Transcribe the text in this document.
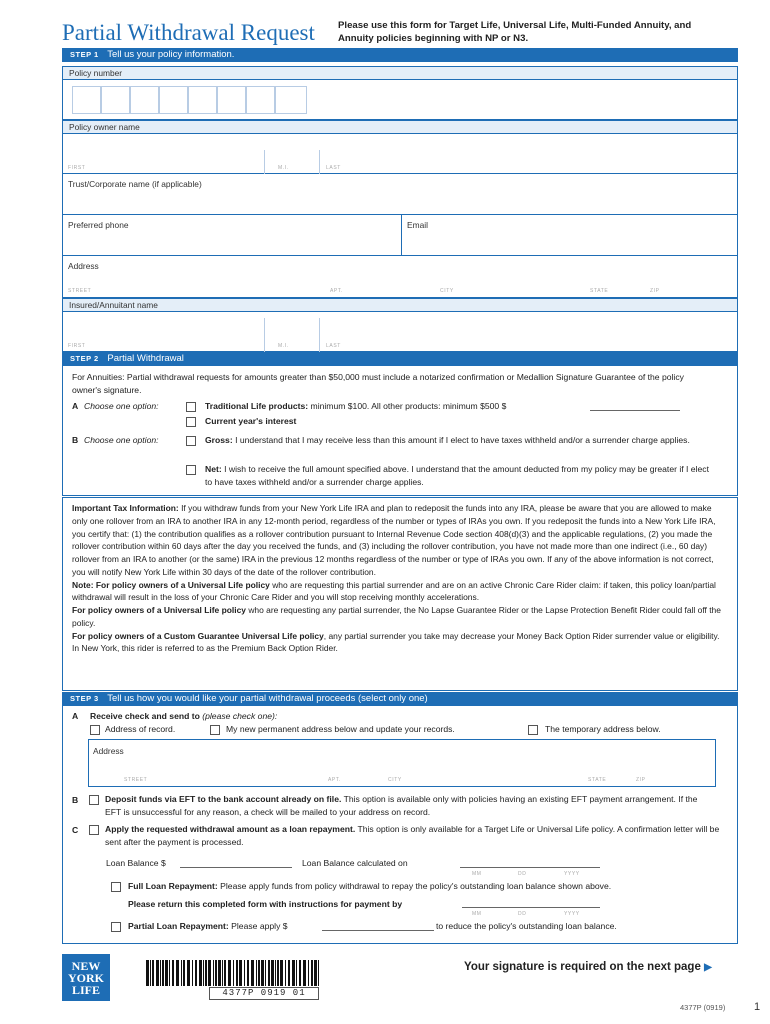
Partial Withdrawal Request Please use this form for Target Life, Universal Life, Multi-Funded Annuity, and Annuity policies beginning with NP or N3.
STEP 1 Tell us your policy information.
Policy number
Policy owner name
FIRST	M.I.	LAST
Trust/Corporate name (if applicable)
Preferred phone	Email
Address
STREET	APT.	CITY	STATE	ZIP
Insured/Annuitant name
FIRST	M.I.	LAST
STEP 2 Partial Withdrawal
For Annuities: Partial withdrawal requests for amounts greater than $50,000 must include a notarized confirmation or Medallion Signature Guarantee of the policy owner's signature.
A Choose one option:	Traditional Life products: minimum $100. All other products: minimum $500 $
Current year's interest
B Choose one option:	Gross: I understand that I may receive less than this amount if I elect to have taxes withheld and/or a surrender charge applies.
Net: I wish to receive the full amount specified above. I understand that the amount deducted from my policy may be greater if I elect to have taxes withheld and/or a surrender charge applies.
Important Tax Information: If you withdraw funds from your New York Life IRA and plan to redeposit the funds into any IRA, please be aware that you are allowed to make only one rollover from an IRA to another IRA in any 12-month period, regardless of the number or types of IRAs you own. If you redeposit the funds into a New York Life IRA, you certify that: (1) the contribution qualifies as a rollover contribution pursuant to Internal Revenue Code section 408(d)(3) and the applicable regulations, (2) you made the rollover contribution within 60 days after the day you received the funds, and (3) including the rollover contribution, you have not made more than one indirect (i.e., 60 day) rollover from an IRA to another (or the same) IRA in the previous 12 months regardless of the number or type of IRAs you own. If any of the above information is not correct, you will notify New York Life within 30 days of the date of the rollover contribution.
Note: For policy owners of a Universal Life policy who are requesting this partial surrender and are on an active Chronic Care Rider claim: if taken, this policy loan/partial withdrawal will result in the loss of your Chronic Care Rider and you will stop receiving monthly accelerations.
For policy owners of a Universal Life policy who are requesting any partial surrender, the No Lapse Guarantee Rider or the Lapse Protection Benefit Rider could fall off the policy.
For policy owners of a Custom Guarantee Universal Life policy, any partial surrender you take may decrease your Money Back Option Rider surrender value or eligibility. In New York, this rider is referred to as the Premium Back Option Rider.
STEP 3 Tell us how you would like your partial withdrawal proceeds (select only one)
A Receive check and send to (please check one):
Address of record.	My new permanent address below and update your records.	The temporary address below.
Address
STREET	APT.	CITY	STATE	ZIP
B	Deposit funds via EFT to the bank account already on file. This option is available only with policies having an existing EFT payment arrangement. If the EFT is unsuccessful for any reason, a check will be mailed to your address on record.
C	Apply the requested withdrawal amount as a loan repayment. This option is only available for a Target Life or Universal Life policy. A confirmation letter will be sent after the payment is processed.
Loan Balance $	Loan Balance calculated on
MM	DD	YYYY
Full Loan Repayment: Please apply funds from policy withdrawal to repay the policy's outstanding loan balance shown above.
Please return this completed form with instructions for payment by
MM	DD	YYYY
Partial Loan Repayment: Please apply $	to reduce the policy's outstanding loan balance.
NEW
YORK
LIFE	4377P 0919 01
Your signature is required on the next page ▶
4377P (0919)	1
